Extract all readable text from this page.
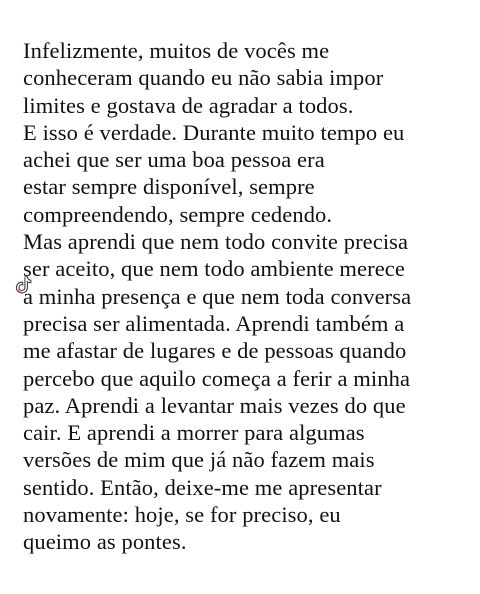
Infelizmente, muitos de vocês me
conheceram quando eu não sabia impor
limites e gostava de agradar a todos.
E isso é verdade. Durante muito tempo eu
achei que ser uma boa pessoa era
estar sempre disponível, sempre
compreendendo, sempre cedendo.
Mas aprendi que nem todo convite precisa
ser aceito, que nem todo ambiente merece
a minha presença e que nem toda conversa
precisa ser alimentada. Aprendi também a
me afastar de lugares e de pessoas quando
percebo que aquilo começa a ferir a minha
paz. Aprendi a levantar mais vezes do que
cair. E aprendi a morrer para algumas
versões de mim que já não fazem mais
sentido. Então, deixe-me me apresentar
novamente: hoje, se for preciso, eu
queimo as pontes.
